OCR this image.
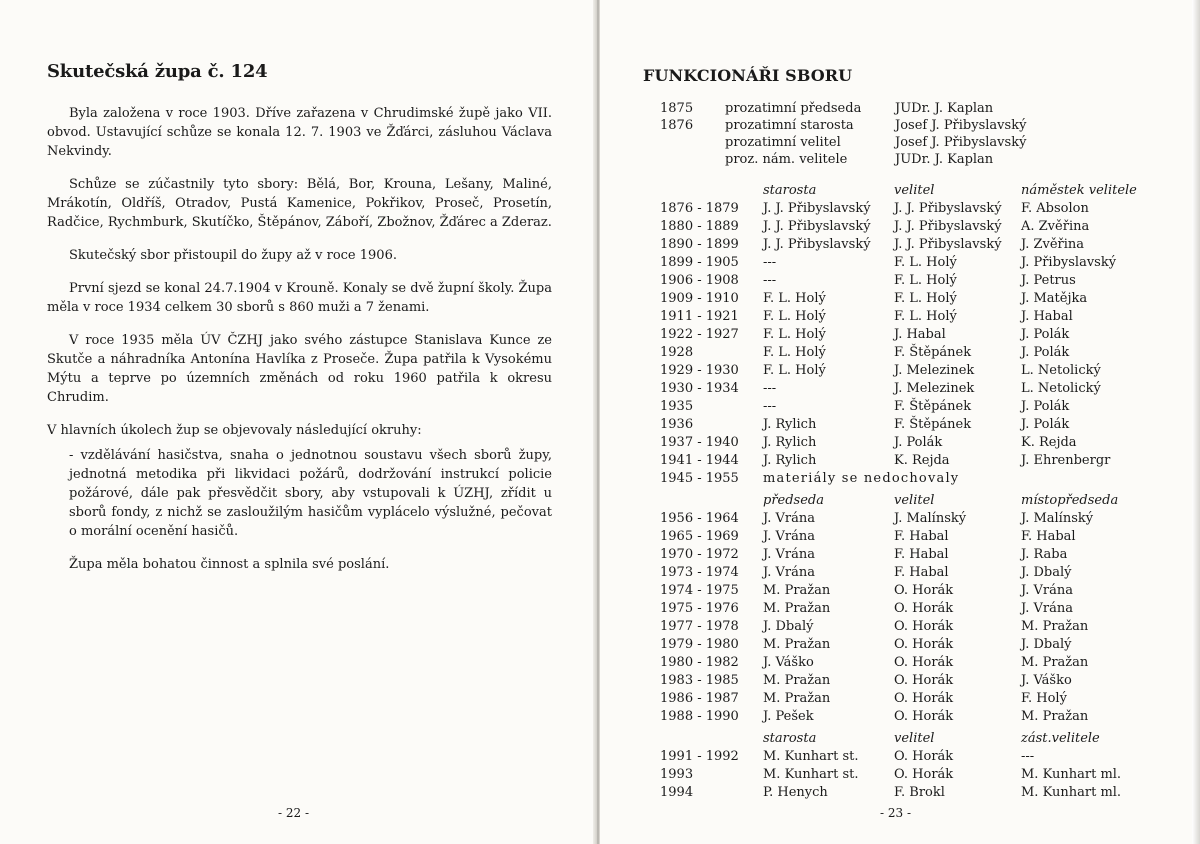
Skutečská župa č. 124

Byla založena v roce 1903. Dříve zařazena v Chrudimské župě jako VII. obvod. Ustavující schůze se konala 12. 7. 1903 ve Žďárci, zásluhou Václava Nekvindy.

Schůze se zúčastnily tyto sbory: Bělá, Bor, Krouna, Lešany, Maliné, Mrákotín, Oldříš, Otradov, Pustá Kamenice, Pokřikov, Proseč, Prosetín, Radčice, Rychmburk, Skutíčko, Štěpánov, Záboří, Zbožnov, Žďárec a Zderaz.

Skutečský sbor přistoupil do župy až v roce 1906.

První sjezd se konal 24.7.1904 v Krouně. Konaly se dvě župní školy. Župa měla v roce 1934 celkem 30 sborů s 860 muži a 7 ženami.

V roce 1935 měla ÚV ČZHJ jako svého zástupce Stanislava Kunce ze Skutče a náhradníka Antonína Havlíka z Prosečе. Župa patřila k Vysokému Mýtu a teprve po územních změnách od roku 1960 patřila k okresu Chrudim.

V hlavních úkolech žup se objevovaly následující okruhy:

- vzdělávání hasičstva, snaha o jednotnou soustavu všech sborů župy, jednotná metodika při likvidaci požárů, dodržování instrukcí policie požárové, dále pak přesvědčit sbory, aby vstupovali k ÚZHJ, zřídit u sborů fondy, z nichž se zasloužilým hasičům vyplácelo výslužné, pečovat o morální ocenění hasičů.

Župa měla bohatou činnost a splnila své poslání.

- 22 -
FUNKCIONÁŘI SBORU
1875	prozatimní předseda	JUDr. J. Kaplan
1876	prozatimní starosta	Josef J. Přibyslavský
	prozatimní velitel	Josef J. Přibyslavský
	proz. nám. velitele	JUDr. J. Kaplan
	starosta	velitel	náměstek velitele
1876 - 1879	J. J. Přibyslavský	J. J. Přibyslavský	F. Absolon
1880 - 1889	J. J. Přibyslavský	J. J. Přibyslavský	A. Zvěřina
1890 - 1899	J. J. Přibyslavský	J. J. Přibyslavský	J. Zvěřina
1899 - 1905	---	F. L. Holý	J. Přibyslavský
1906 - 1908	---	F. L. Holý	J. Petrus
1909 - 1910	F. L. Holý	F. L. Holý	J. Matějka
1911 - 1921	F. L. Holý	F. L. Holý	J. Habal
1922 - 1927	F. L. Holý	J. Habal	J. Polák
1928	F. L. Holý	F. Štěpánek	J. Polák
1929 - 1930	F. L. Holý	J. Melezinek	L. Netolický
1930 - 1934	---	J. Melezinek	L. Netolický
1935	---	F. Štěpánek	J. Polák
1936	J. Rylich	F. Štěpánek	J. Polák
1937 - 1940	J. Rylich	J. Polák	K. Rejda
1941 - 1944	J. Rylich	K. Rejda	J. Ehrenbergr
1945 - 1955	materiály se nedochovaly		

	předseda	velitel	místopředseda
1956 - 1964	J. Vrána	J. Malínský	J. Malínský
1965 - 1969	J. Vrána	F. Habal	F. Habal
1970 - 1972	J. Vrána	F. Habal	J. Raba
1973 - 1974	J. Vrána	F. Habal	J. Dbalý
1974 - 1975	M. Pražan	O. Horák	J. Vrána
1975 - 1976	M. Pražan	O. Horák	J. Vrána
1977 - 1978	J. Dbalý	O. Horák	M. Pražan
1979 - 1980	M. Pražan	O. Horák	J. Dbalý
1980 - 1982	J. Váško	O. Horák	M. Pražan
1983 - 1985	M. Pražan	O. Horák	J. Váško
1986 - 1987	M. Pražan	O. Horák	F. Holý
1988 - 1990	J. Pešek	O. Horák	M. Pražan

	starosta	velitel	zást.velitele
1991 - 1992	M. Kunhart st.	O. Horák	---
1993	M. Kunhart st.	O. Horák	M. Kunhart ml.
1994	P. Henych	F. Brokl	M. Kunhart ml.
- 23 -
